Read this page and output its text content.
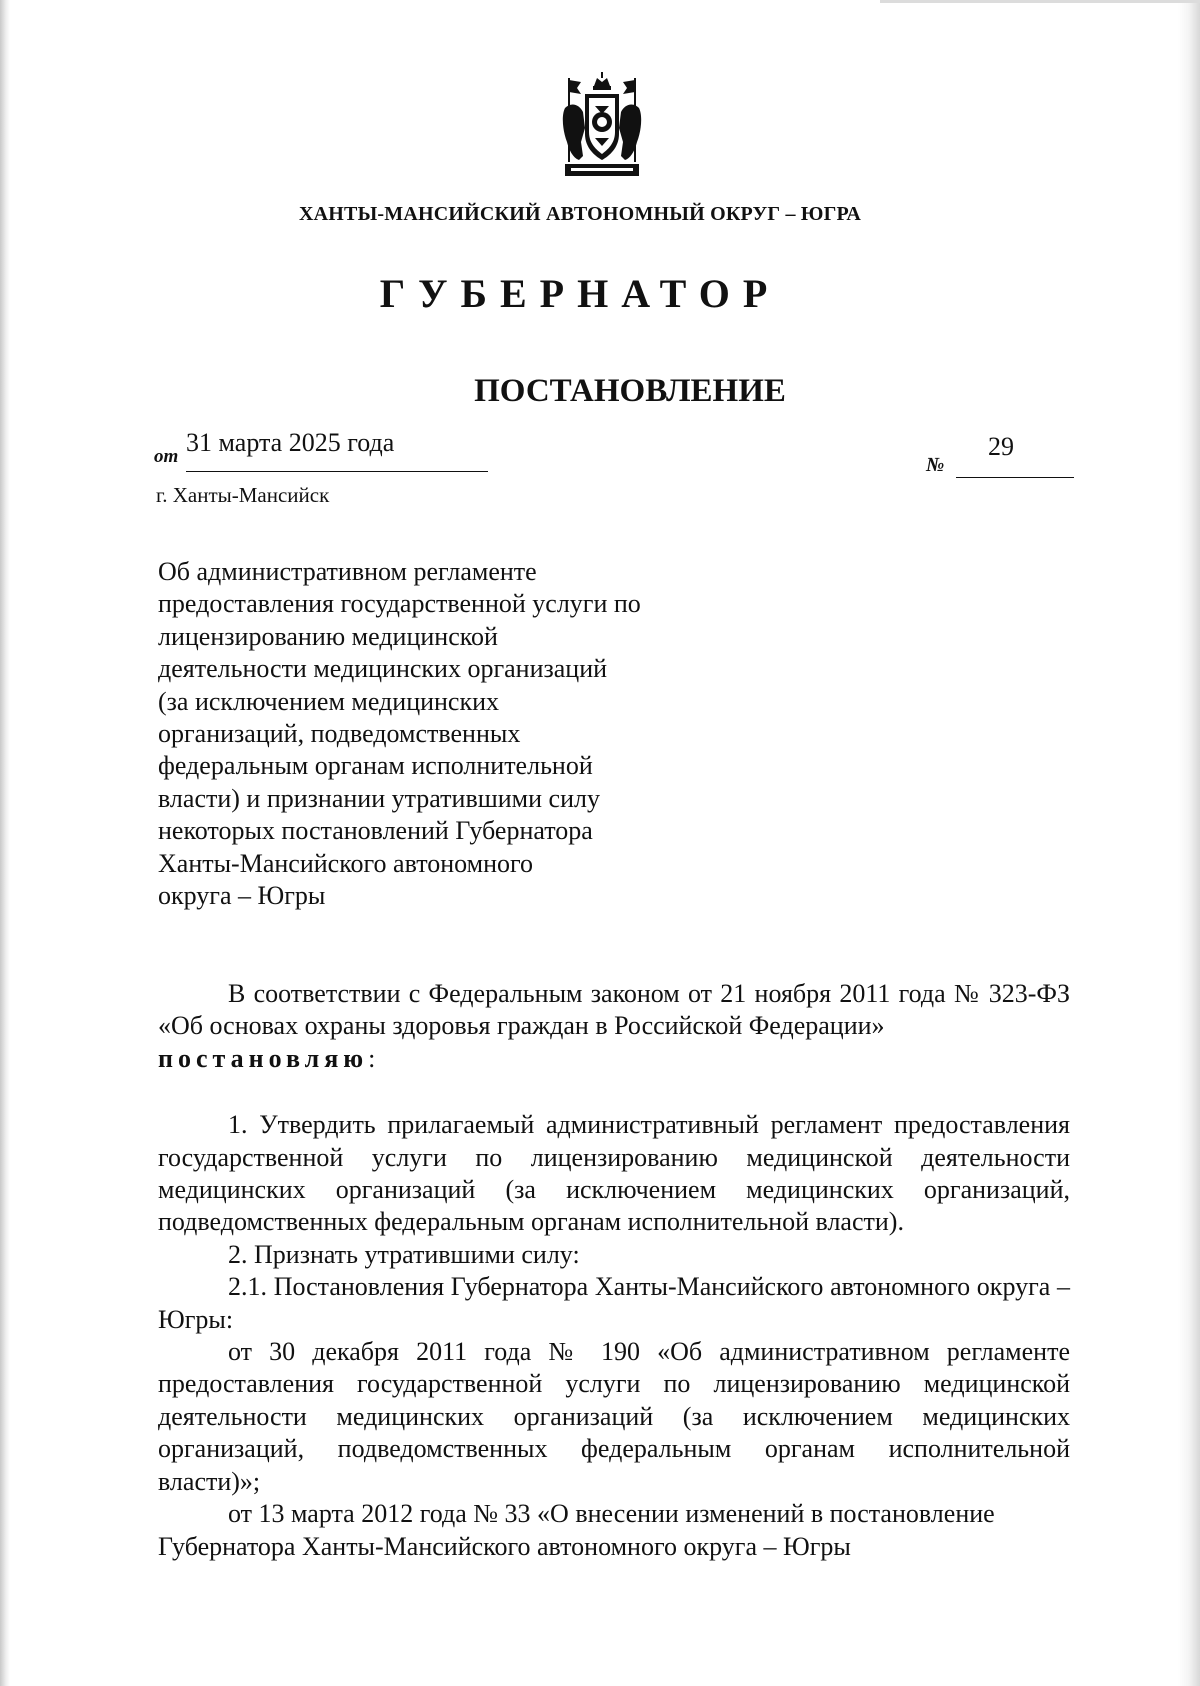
ХАНТЫ-МАНСИЙСКИЙ АВТОНОМНЫЙ ОКРУГ – ЮГРА
ГУБЕРНАТОР
ПОСТАНОВЛЕНИЕ
от 31 марта 2025 года
№
29
г. Ханты-Мансийск
Об административном регламенте
предоставления государственной услуги по
лицензированию медицинской
деятельности медицинских организаций
(за исключением медицинских
организаций, подведомственных
федеральным органам исполнительной
власти) и признании утратившими силу
некоторых постановлений Губернатора
Ханты-Мансийского автономного
округа – Югры

В соответствии с Федеральным законом от 21 ноября 2011 года № 323-ФЗ «Об основах охраны здоровья граждан в Российской Федерации»
постановляю:

1. Утвердить прилагаемый административный регламент предоставления государственной услуги по лицензированию медицинской деятельности медицинских организаций (за исключением медицинских организаций, подведомственных федеральным органам исполнительной власти).

2. Признать утратившими силу:

2.1. Постановления Губернатора Ханты-Мансийского автономного округа – Югры:

от 30 декабря 2011 года № 190 «Об административном регламенте предоставления государственной услуги по лицензированию медицинской деятельности медицинских организаций (за исключением медицинских организаций, подведомственных федеральным органам исполнительной власти)»;

от 13 марта 2012 года № 33 «О внесении изменений в постановление

Губернатора Ханты-Мансийского автономного округа – Югры
